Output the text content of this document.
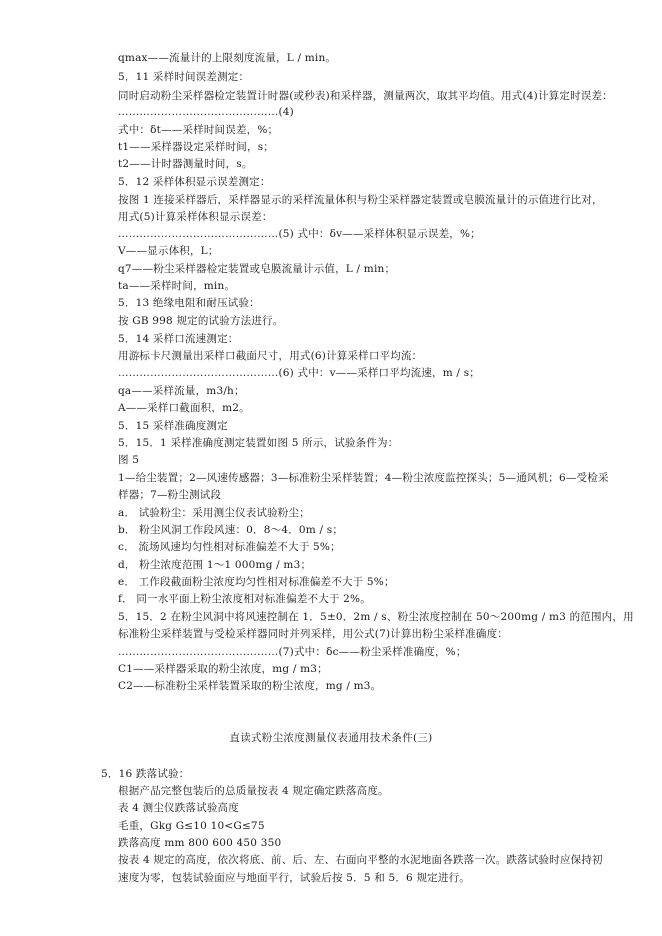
qmax——流量计的上限刻度流量，L / min。
5．11 采样时间误差测定：
同时启动粉尘采样器检定装置计时器(或秒表)和采样器，测量两次，取其平均值。用式(4)计算定时误差：
………………………………………(4)
式中：δt——采样时间误差，%；
t1——采样器设定采样时间，s；
t2——计时器测量时间，s。
5．12 采样体积显示误差测定：
按图 1 连接采样器后，采样器显示的采样流量体积与粉尘采样器定装置或皂膜流量计的示值进行比对，
用式(5)计算采样体积显示误差：
………………………………………(5) 式中：δv——采样体积显示误差，%；
V——显示体积，L；
q7——粉尘采样器检定装置或皂膜流量计示值，L / min；
ta——采样时间，min。
5．13 绝缘电阻和耐压试验：
按 GB 998 规定的试验方法进行。
5．14 采样口流速测定：
用游标卡尺测量出采样口截面尺寸，用式(6)计算采样口平均流：
………………………………………(6) 式中：v——采样口平均流速，m / s；
qa——采样流量，m3/h；
A——采样口截面积，m2。
5．15 采样准确度测定
5．15．1 采样准确度测定装置如图 5 所示，试验条件为：
图 5
1—给尘装置；2—风速传感器；3—标准粉尘采样装置；4—粉尘浓度监控探头；5—通风机；6—受检采
样器；7—粉尘测试段
a． 试验粉尘：采用测尘仪表试验粉尘；
b． 粉尘风洞工作段风速：0．8～4．0m / s；
c． 流场风速均匀性相对标准偏差不大于 5%；
d． 粉尘浓度范围 1～1 000mg / m3；
e． 工作段截面粉尘浓度均匀性相对标准偏差不大于 5%；
f． 同一水平面上粉尘浓度相对标准偏差不大于 2%。
5．15．2 在粉尘风洞中将风速控制在 1．5±0．2m / s、粉尘浓度控制在 50～200mg / m3 的范围内，用
标准粉尘采样装置与受检采样器同时并列采样，用公式(7)计算出粉尘采样准确度：
………………………………………(7)式中：δc——粉尘采样准确度，%；
C1——采样器采取的粉尘浓度，mg / m3；
C2——标准粉尘采样装置采取的粉尘浓度，mg / m3。
直读式粉尘浓度测量仪表通用技术条件(三)
5．16 跌落试验：
根据产品完整包装后的总质量按表 4 规定确定跌落高度。
表 4 测尘仪跌落试验高度
毛重，Gkg G≤10 10<G≤75
跌落高度 mm 800 600 450 350
按表 4 规定的高度，依次将底、前、后、左、右面向平整的水泥地面各跌落一次。跌落试验时应保持初
速度为零，包装试验面应与地面平行，试验后按 5．5 和 5．6 规定进行。
